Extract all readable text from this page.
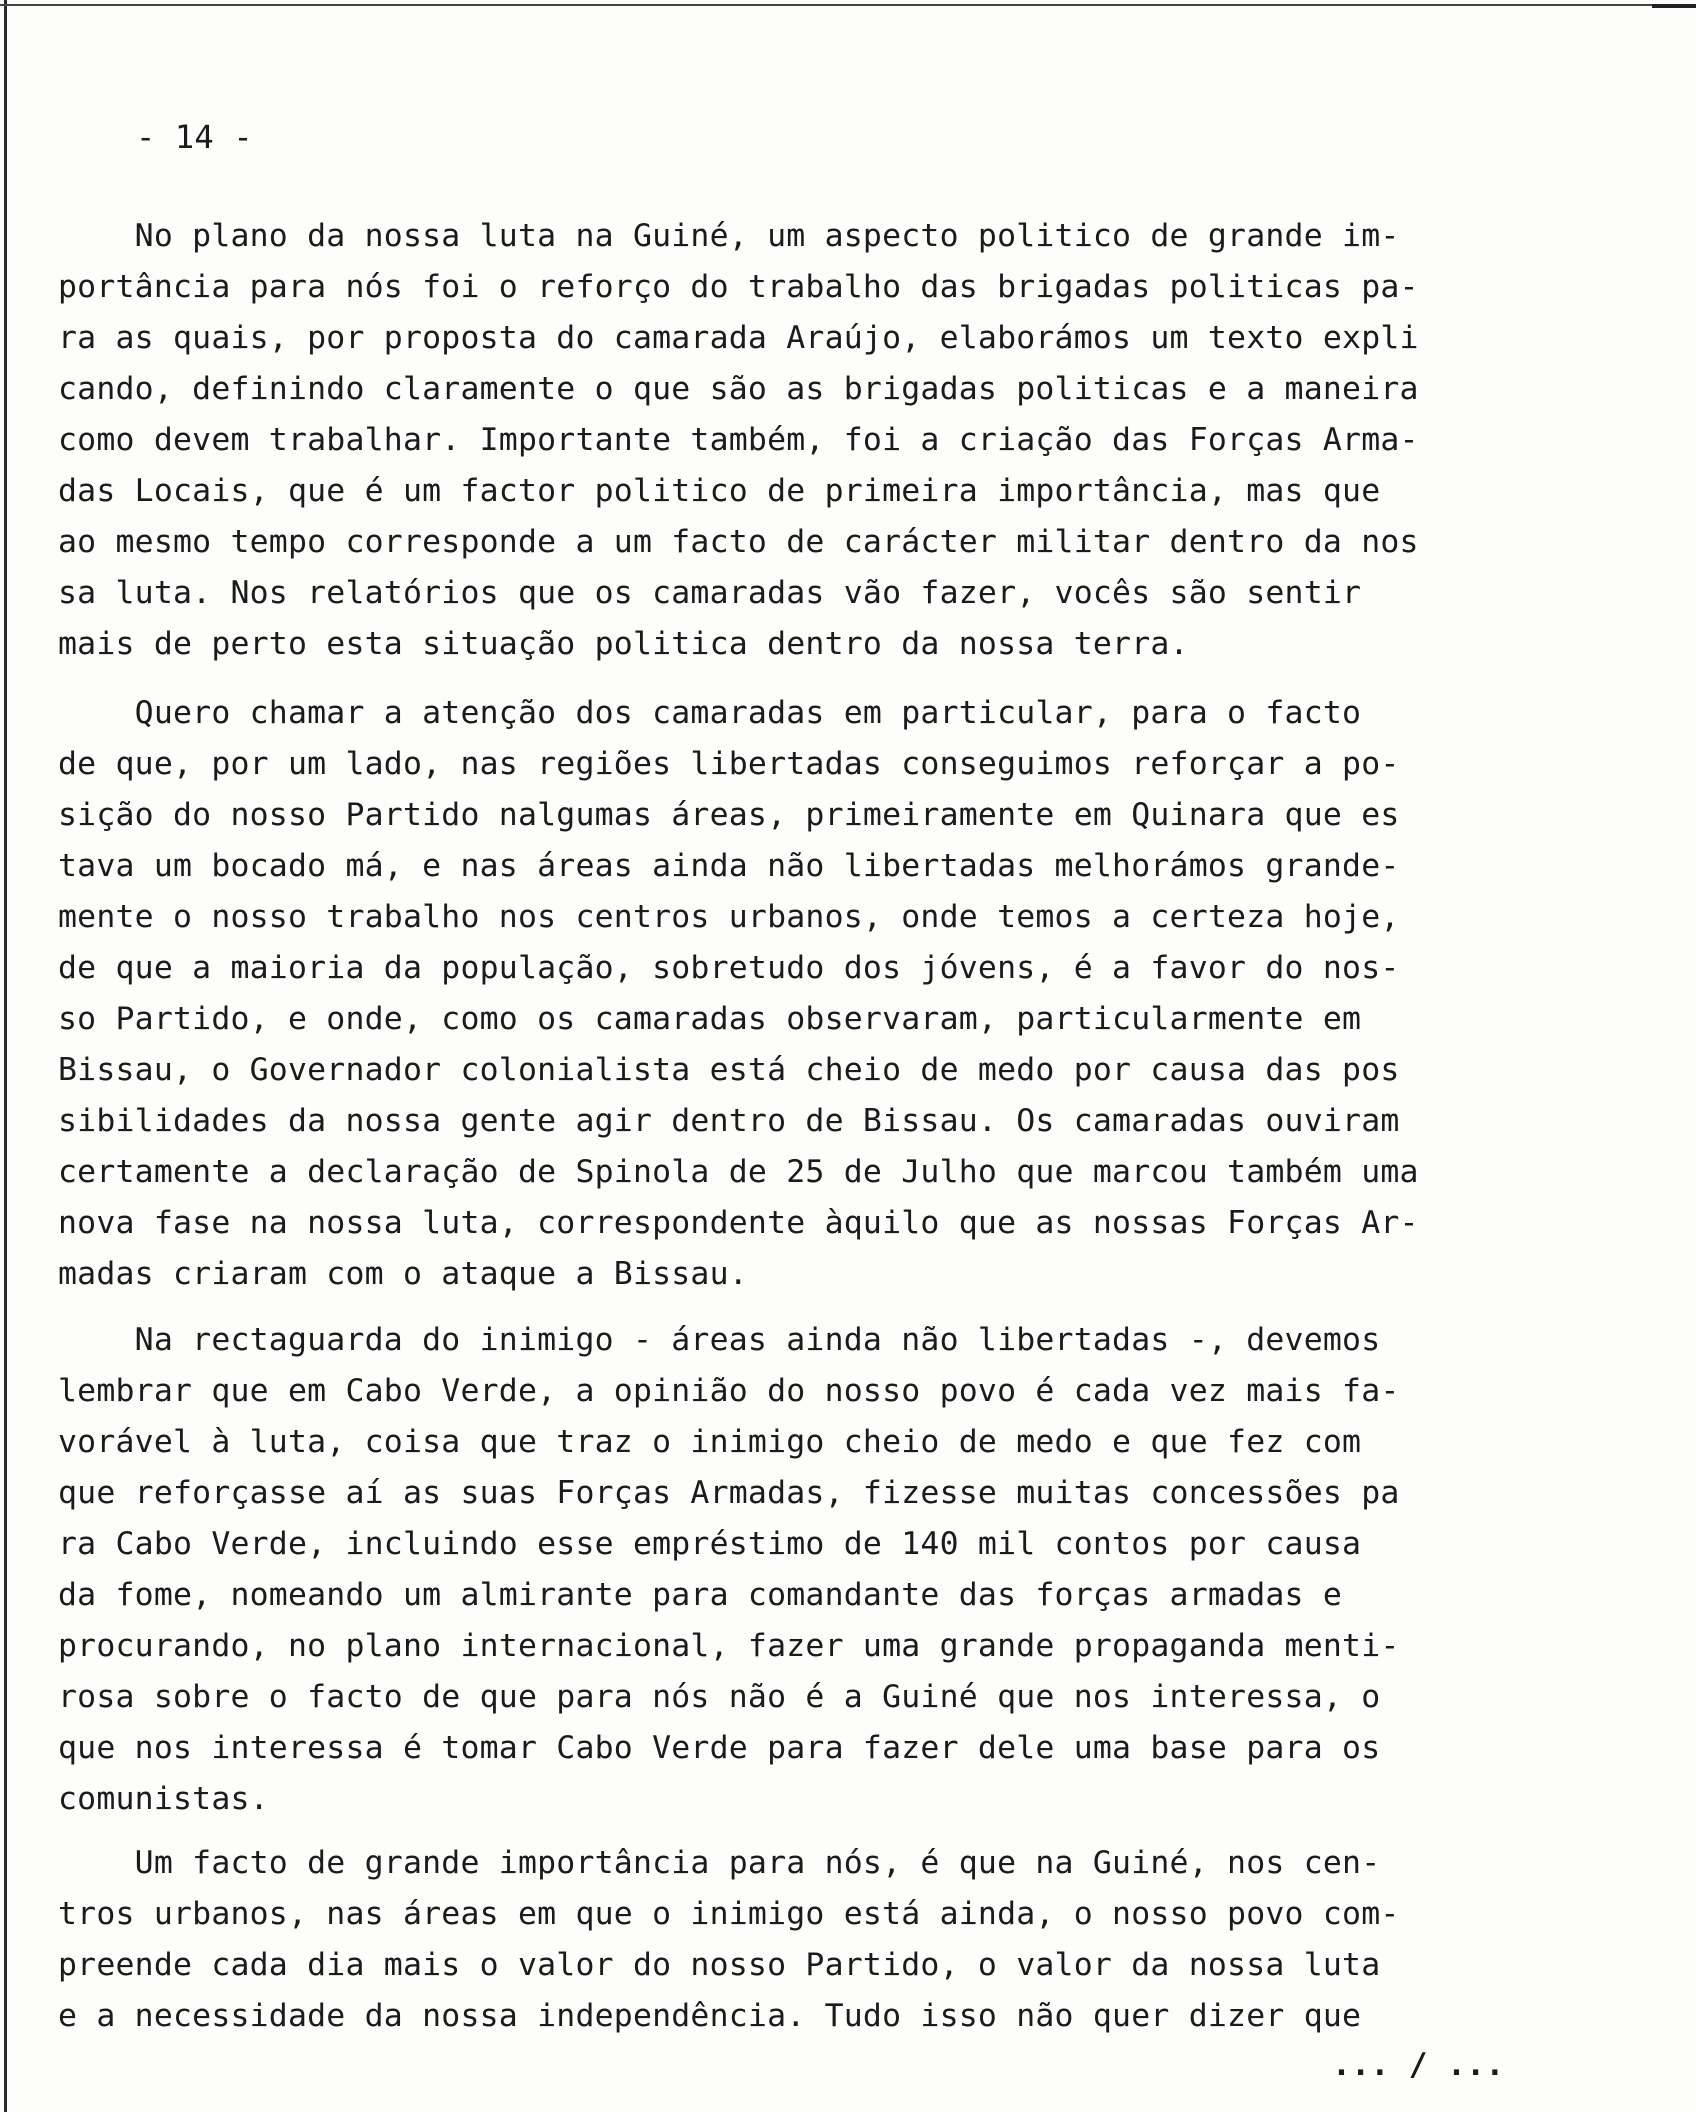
- 14 -
No plano da nossa luta na Guiné, um aspecto politico de grande im-
portância para nós foi o reforço do trabalho das brigadas politicas pa-
ra as quais, por proposta do camarada Araújo, elaborámos um texto expli
cando, definindo claramente o que são as brigadas politicas e a maneira
como devem trabalhar. Importante também, foi a criação das Forças Arma-
das Locais, que é um factor politico de primeira importância, mas que
ao mesmo tempo corresponde a um facto de carácter militar dentro da nos
sa luta. Nos relatórios que os camaradas vão fazer, vocês são sentir
mais de perto esta situação politica dentro da nossa terra.
Quero chamar a atenção dos camaradas em particular, para o facto
de que, por um lado, nas regiões libertadas conseguimos reforçar a po-
sição do nosso Partido nalgumas áreas, primeiramente em Quinara que es
tava um bocado má, e nas áreas ainda não libertadas melhorámos grande-
mente o nosso trabalho nos centros urbanos, onde temos a certeza hoje,
de que a maioria da população, sobretudo dos jóvens, é a favor do nos-
so Partido, e onde, como os camaradas observaram, particularmente em
Bissau, o Governador colonialista está cheio de medo por causa das pos
sibilidades da nossa gente agir dentro de Bissau. Os camaradas ouviram
certamente a declaração de Spinola de 25 de Julho que marcou também uma
nova fase na nossa luta, correspondente àquilo que as nossas Forças Ar-
madas criaram com o ataque a Bissau.
Na rectaguarda do inimigo - áreas ainda não libertadas -, devemos
lembrar que em Cabo Verde, a opinião do nosso povo é cada vez mais fa-
vorável à luta, coisa que traz o inimigo cheio de medo e que fez com
que reforçasse aí as suas Forças Armadas, fizesse muitas concessões pa
ra Cabo Verde, incluindo esse empréstimo de 140 mil contos por causa
da fome, nomeando um almirante para comandante das forças armadas e
procurando, no plano internacional, fazer uma grande propaganda menti-
rosa sobre o facto de que para nós não é a Guiné que nos interessa, o
que nos interessa é tomar Cabo Verde para fazer dele uma base para os
comunistas.
Um facto de grande importância para nós, é que na Guiné, nos cen-
tros urbanos, nas áreas em que o inimigo está ainda, o nosso povo com-
preende cada dia mais o valor do nosso Partido, o valor da nossa luta
e a necessidade da nossa independência. Tudo isso não quer dizer que
... / ...
